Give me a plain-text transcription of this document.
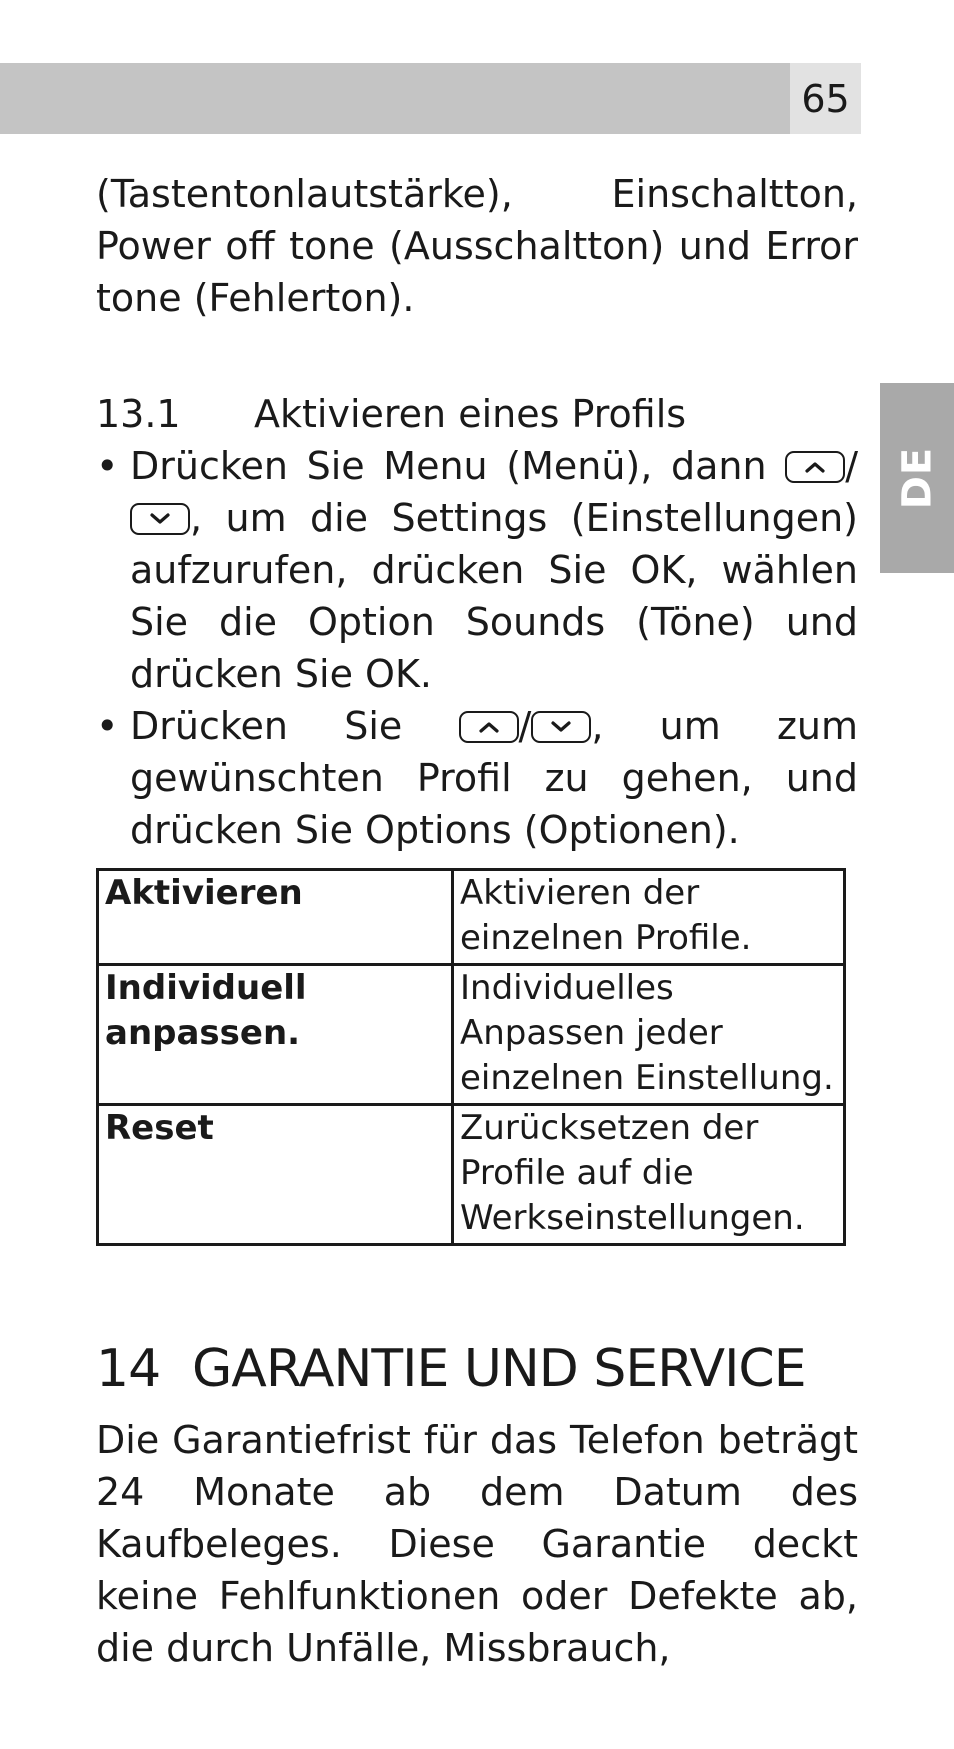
65
DE

(Tastentonlautstärke), Einschaltton, Power off tone (Ausschaltton) und Error tone (Fehlerton).

13.1	Aktivieren eines Profils
• Drücken Sie Menu (Menü), dann /
, um die Settings (Einstellungen) aufzurufen, drücken Sie OK, wählen Sie die Option Sounds (Töne) und drücken Sie OK.
• Drücken Sie	/ , um zum gewünschten Profil zu gehen, und drücken Sie Options (Optionen).
Aktivieren	Aktivieren der einzelnen Profile.
Individuell anpassen.	Individuelles Anpassen jeder einzelnen Einstellung.
Reset	Zurücksetzen der Profile auf die Werkseinstellungen.
14 GARANTIE UND SERVICE

Die Garantiefrist für das Telefon beträgt 24 Monate ab dem Datum des Kaufbeleges. Diese Garantie deckt keine Fehlfunktionen oder Defekte ab, die durch Unfälle, Missbrauch,
